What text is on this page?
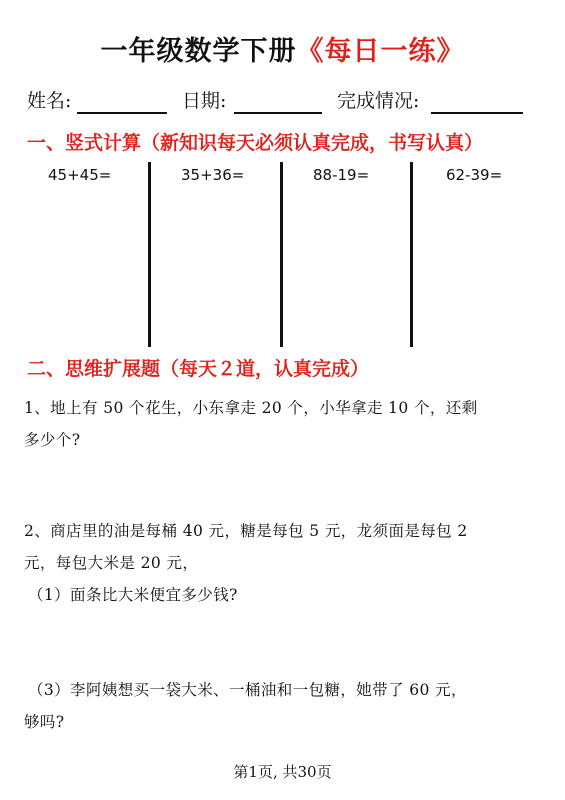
一年级数学下册《每日一练》
姓名:	日期:	完成情况:
一、竖式计算（新知识每天必须认真完成，书写认真）
45+45=	35+36=	88-19=	62-39=
二、思维扩展题（每天２道，认真完成）
1、地上有 50 个花生，小东拿走 20 个，小华拿走 10 个，还剩
多少个?
2、商店里的油是每桶 40 元，糖是每包 5 元，龙须面是每包 2
元，每包大米是 20 元，
（1）面条比大米便宜多少钱?
（3）李阿姨想买一袋大米、一桶油和一包糖，她带了 60 元，
够吗?
第1页, 共30页
